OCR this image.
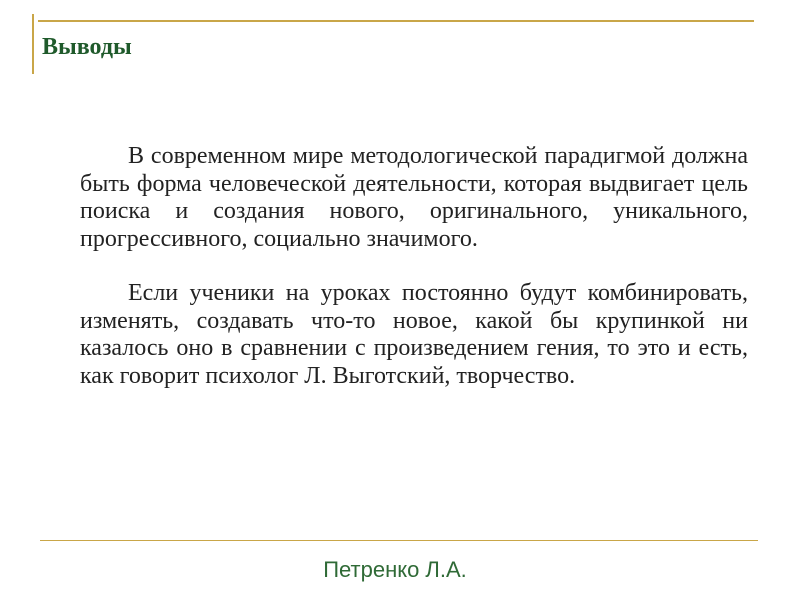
Выводы

В современном мире методологической парадигмой должна быть форма человеческой деятельности, которая выдвигает цель поиска и создания нового, оригинального, уникального, прогрессивного, социально значимого.

Если ученики на уроках постоянно будут комбинировать, изменять, создавать что-то новое, какой бы крупинкой ни казалось оно в сравнении с произведением гения, то это и есть, как говорит психолог Л. Выготский, творчество.

Петренко Л.А.
